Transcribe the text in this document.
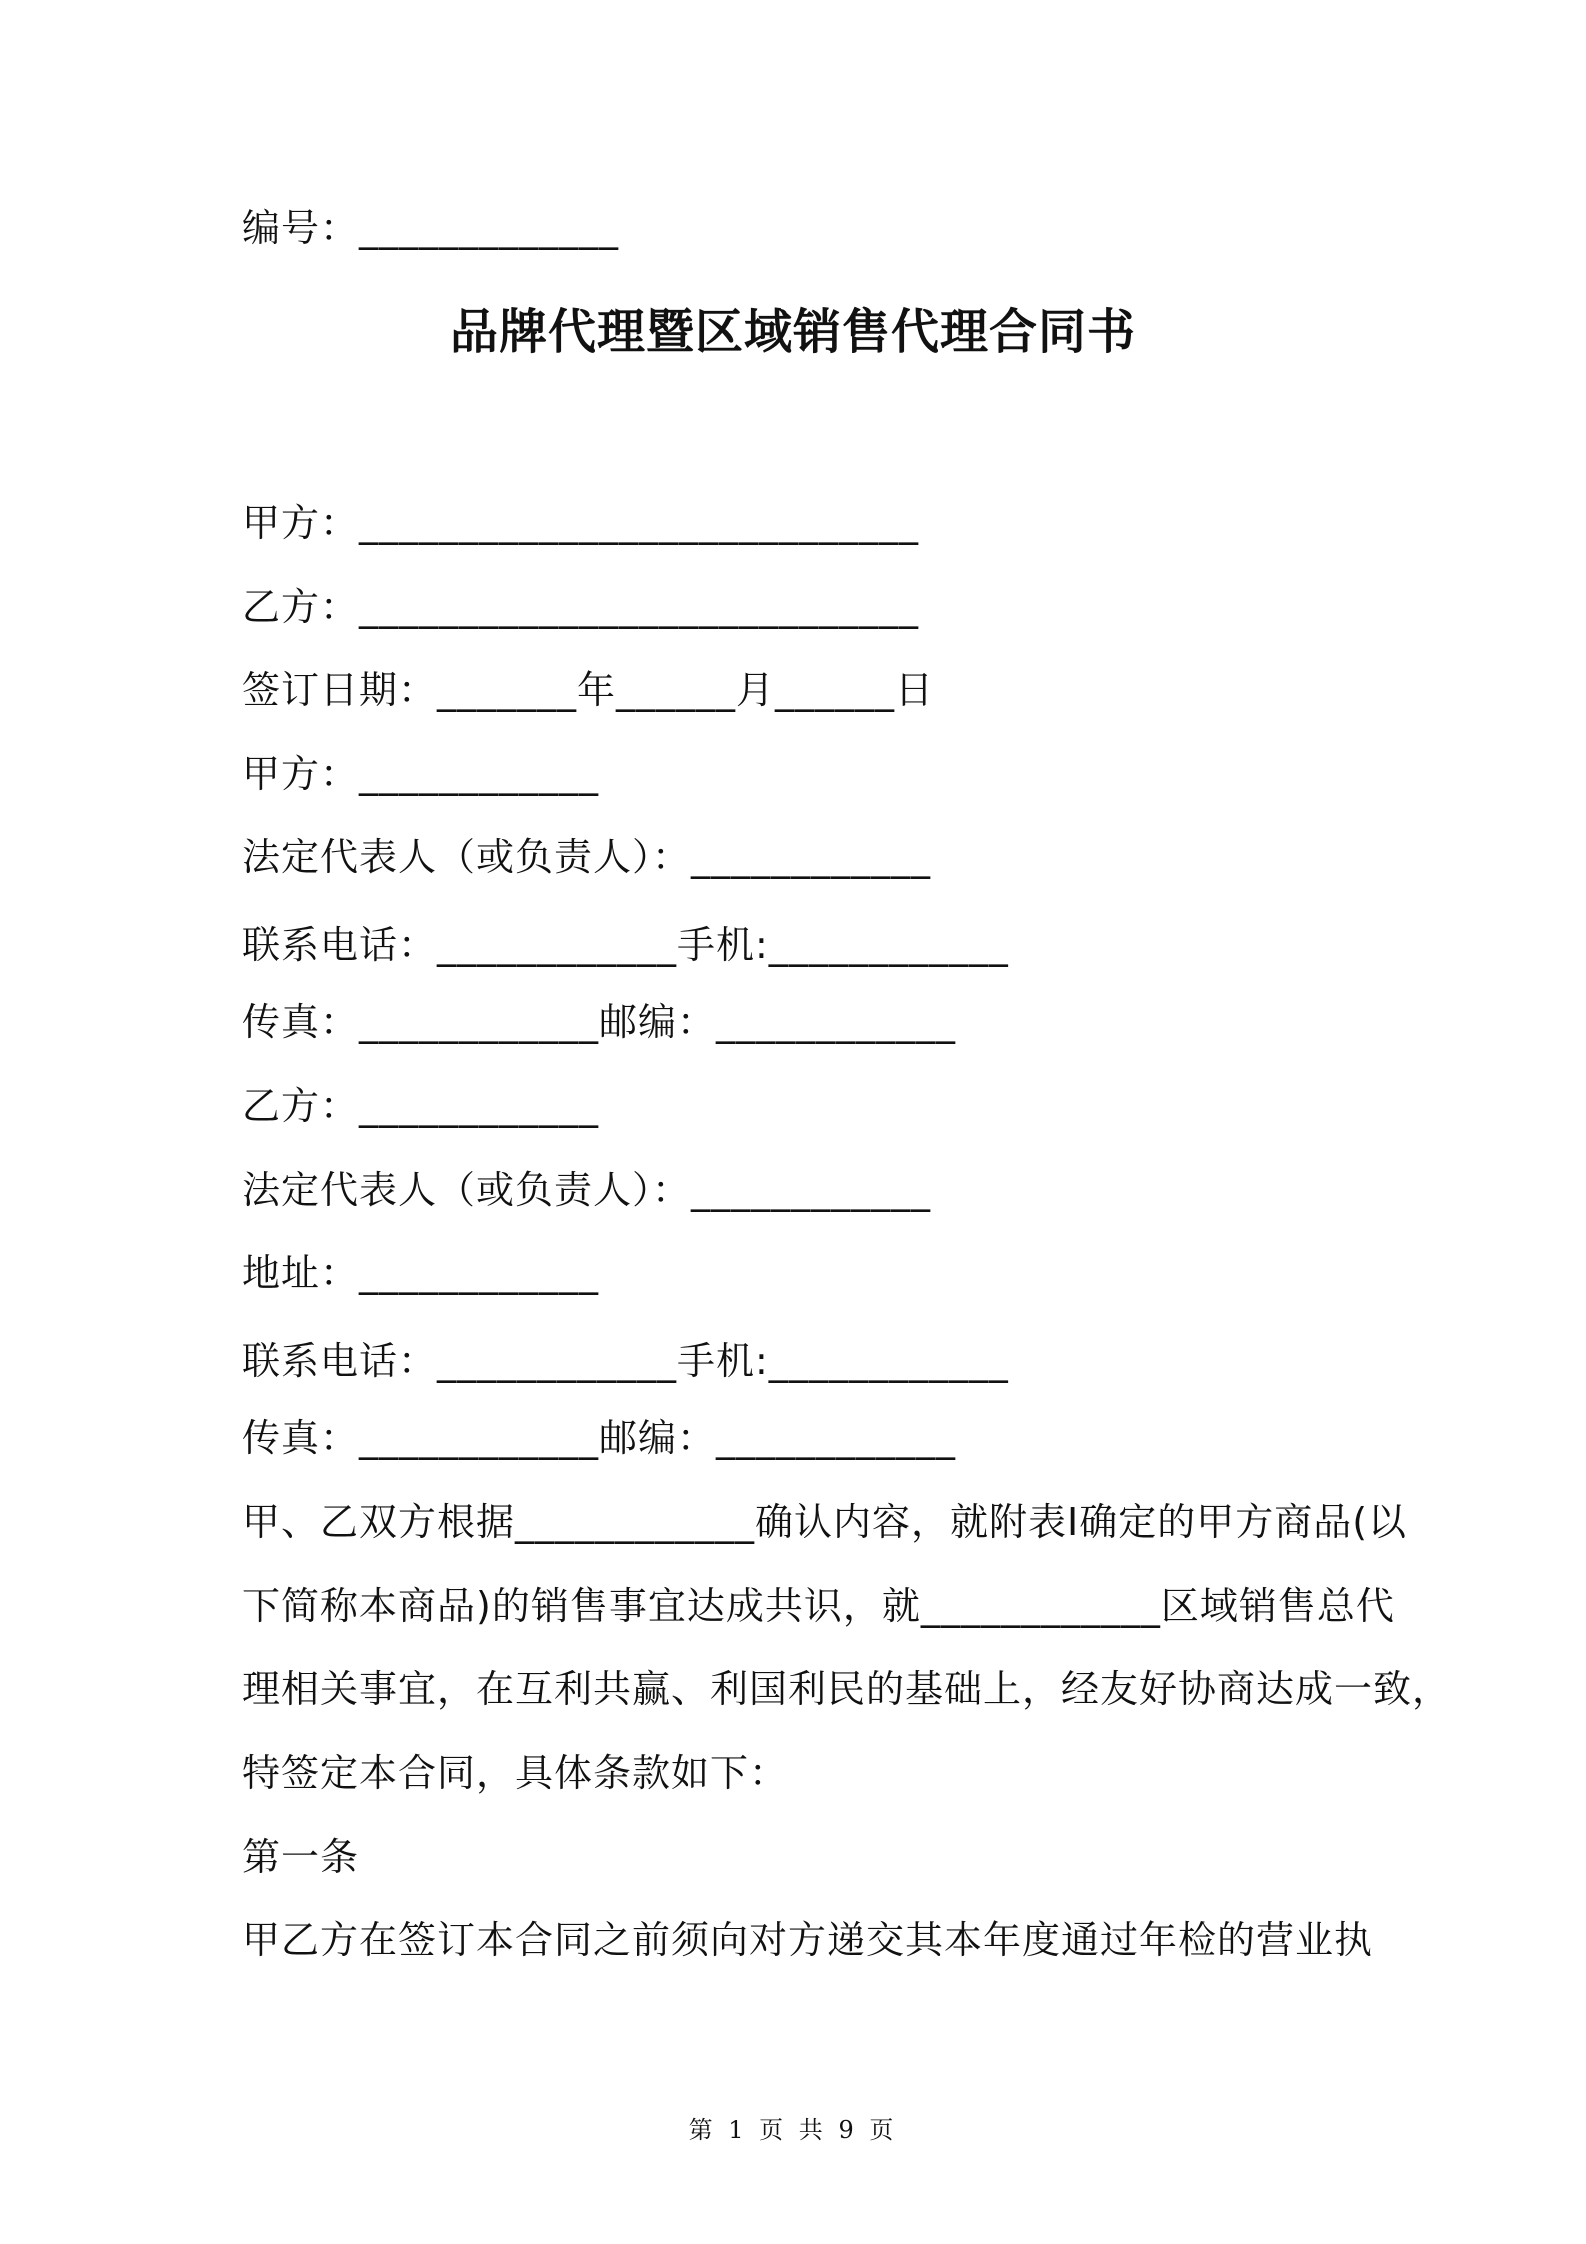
编号：_____________
品牌代理暨区域销售代理合同书
甲方：____________________________
乙方：____________________________
签订日期：_______年______月______日
甲方：____________
法定代表人（或负责人）：____________
联系电话：____________手机:____________
传真：____________邮编：____________
乙方：____________
法定代表人（或负责人）：____________
地址：____________
联系电话：____________手机:____________
传真：____________邮编：____________
甲、乙双方根据____________确认内容，就附表Ⅰ确定的甲方商品(以
下简称本商品)的销售事宜达成共识，就____________区域销售总代
理相关事宜，在互利共赢、利国利民的基础上，经友好协商达成一致，
特签定本合同，具体条款如下：
第一条
甲乙方在签订本合同之前须向对方递交其本年度通过年检的营业执
第 1 页 共 9 页
